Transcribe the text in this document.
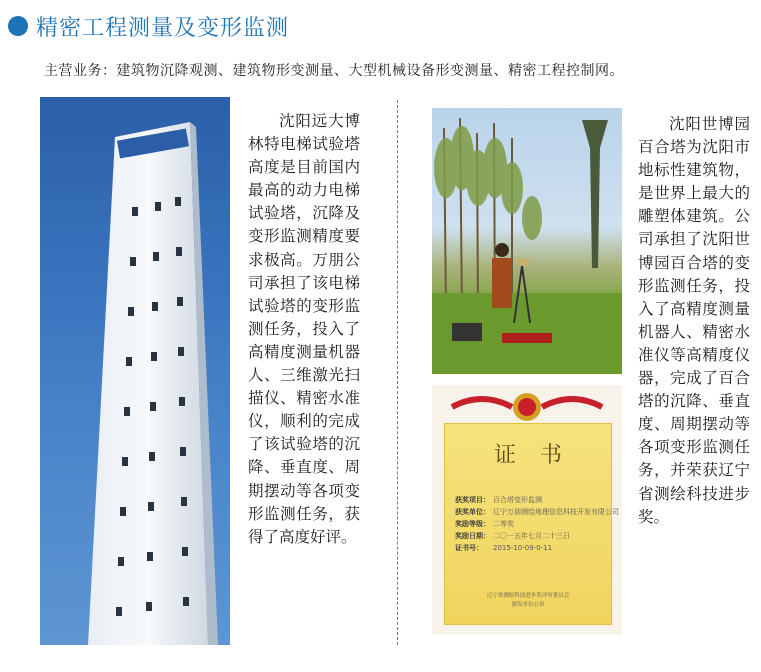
精密工程测量及变形监测
主营业务：建筑物沉降观测、建筑物形变测量、大型机械设备形变测量、精密工程控制网。

沈阳远大博林特电梯试验塔高度是目前国内最高的动力电梯试验塔，沉降及变形监测精度要求极高。万朋公司承担了该电梯试验塔的变形监测任务，投入了高精度测量机器人、三维激光扫描仪、精密水准仪，顺利的完成了该试验塔的沉降、垂直度、周期摆动等各项变形监测任务，获得了高度好评。

证书
获奖项目： 百合塔变形监测
获奖单位： 辽宁万朋测绘地理信息科技开发有限公司
奖励等级： 二等奖
奖励日期： 二〇一五年七月二十三日
证书号：	2015-10-09-0-11
辽宁省测绘科技进步奖评审委员会
颁发单位公章

沈阳世博园百合塔为沈阳市地标性建筑物，是世界上最大的雕塑体建筑。公司承担了沈阳世博园百合塔的变形监测任务，投入了高精度测量机器人、精密水准仪等高精度仪器，完成了百合塔的沉降、垂直度、周期摆动等各项变形监测任务，并荣获辽宁省测绘科技进步奖。
